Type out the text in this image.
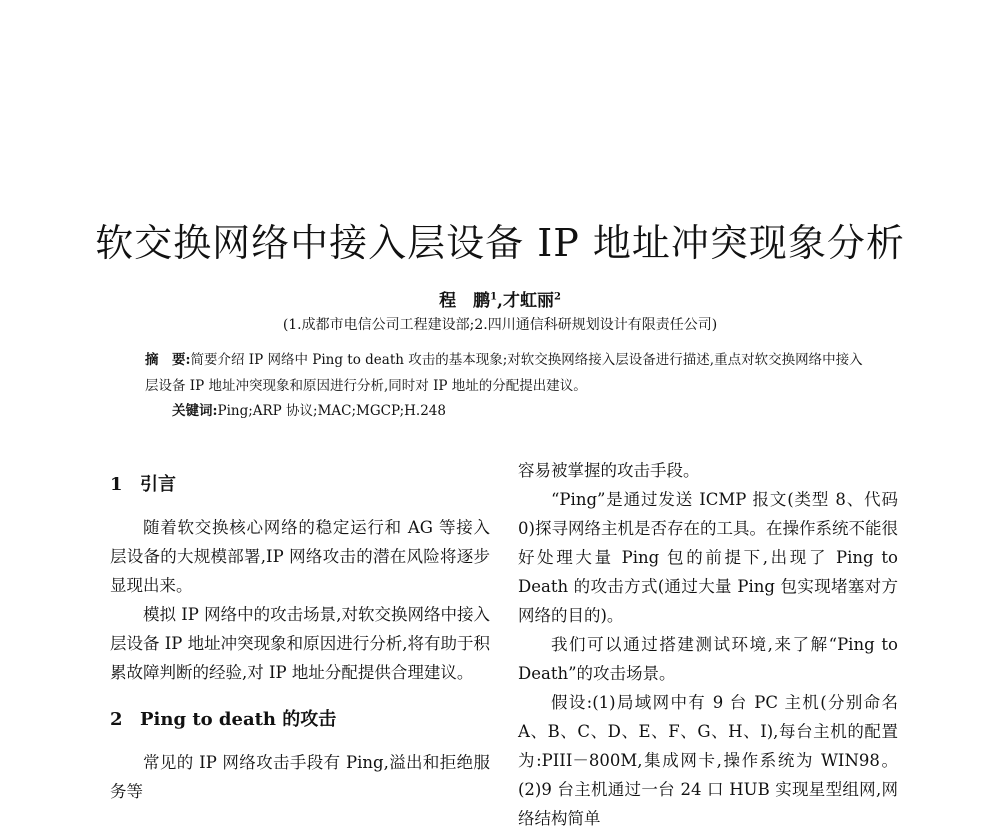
软交换网络中接入层设备 IP 地址冲突现象分析
程　鹏$^1$,才虹丽$^2$
(1.成都市电信公司工程建设部;2.四川通信科研规划设计有限责任公司)
摘　要:简要介绍 IP 网络中 Ping to death 攻击的基本现象;对软交换网络接入层设备进行描述,重点对软交换网络中接入层设备 IP 地址冲突现象和原因进行分析,同时对 IP 地址的分配提出建议。
关键词:Ping;ARP 协议;MAC;MGCP;H.248
1 引言

随着软交换核心网络的稳定运行和 AG 等接入层设备的大规模部署,IP 网络攻击的潜在风险将逐步显现出来。

模拟 IP 网络中的攻击场景,对软交换网络中接入层设备 IP 地址冲突现象和原因进行分析,将有助于积累故障判断的经验,对 IP 地址分配提供合理建议。

2 Ping to death 的攻击

常见的 IP 网络攻击手段有 Ping,溢出和拒绝服务等

容易被掌握的攻击手段。

“Ping”是通过发送 ICMP 报文(类型 8、代码 0)探寻网络主机是否存在的工具。在操作系统不能很好处理大量 Ping 包的前提下,出现了 Ping to Death 的攻击方式(通过大量 Ping 包实现堵塞对方网络的目的)。

我们可以通过搭建测试环境,来了解“Ping to Death”的攻击场景。

假设:(1)局域网中有 9 台 PC 主机(分别命名 A、B、C、D、E、F、G、H、I),每台主机的配置为:PIII－800M,集成网卡,操作系统为 WIN98。(2)9 台主机通过一台 24 口 HUB 实现星型组网,网络结构简单
